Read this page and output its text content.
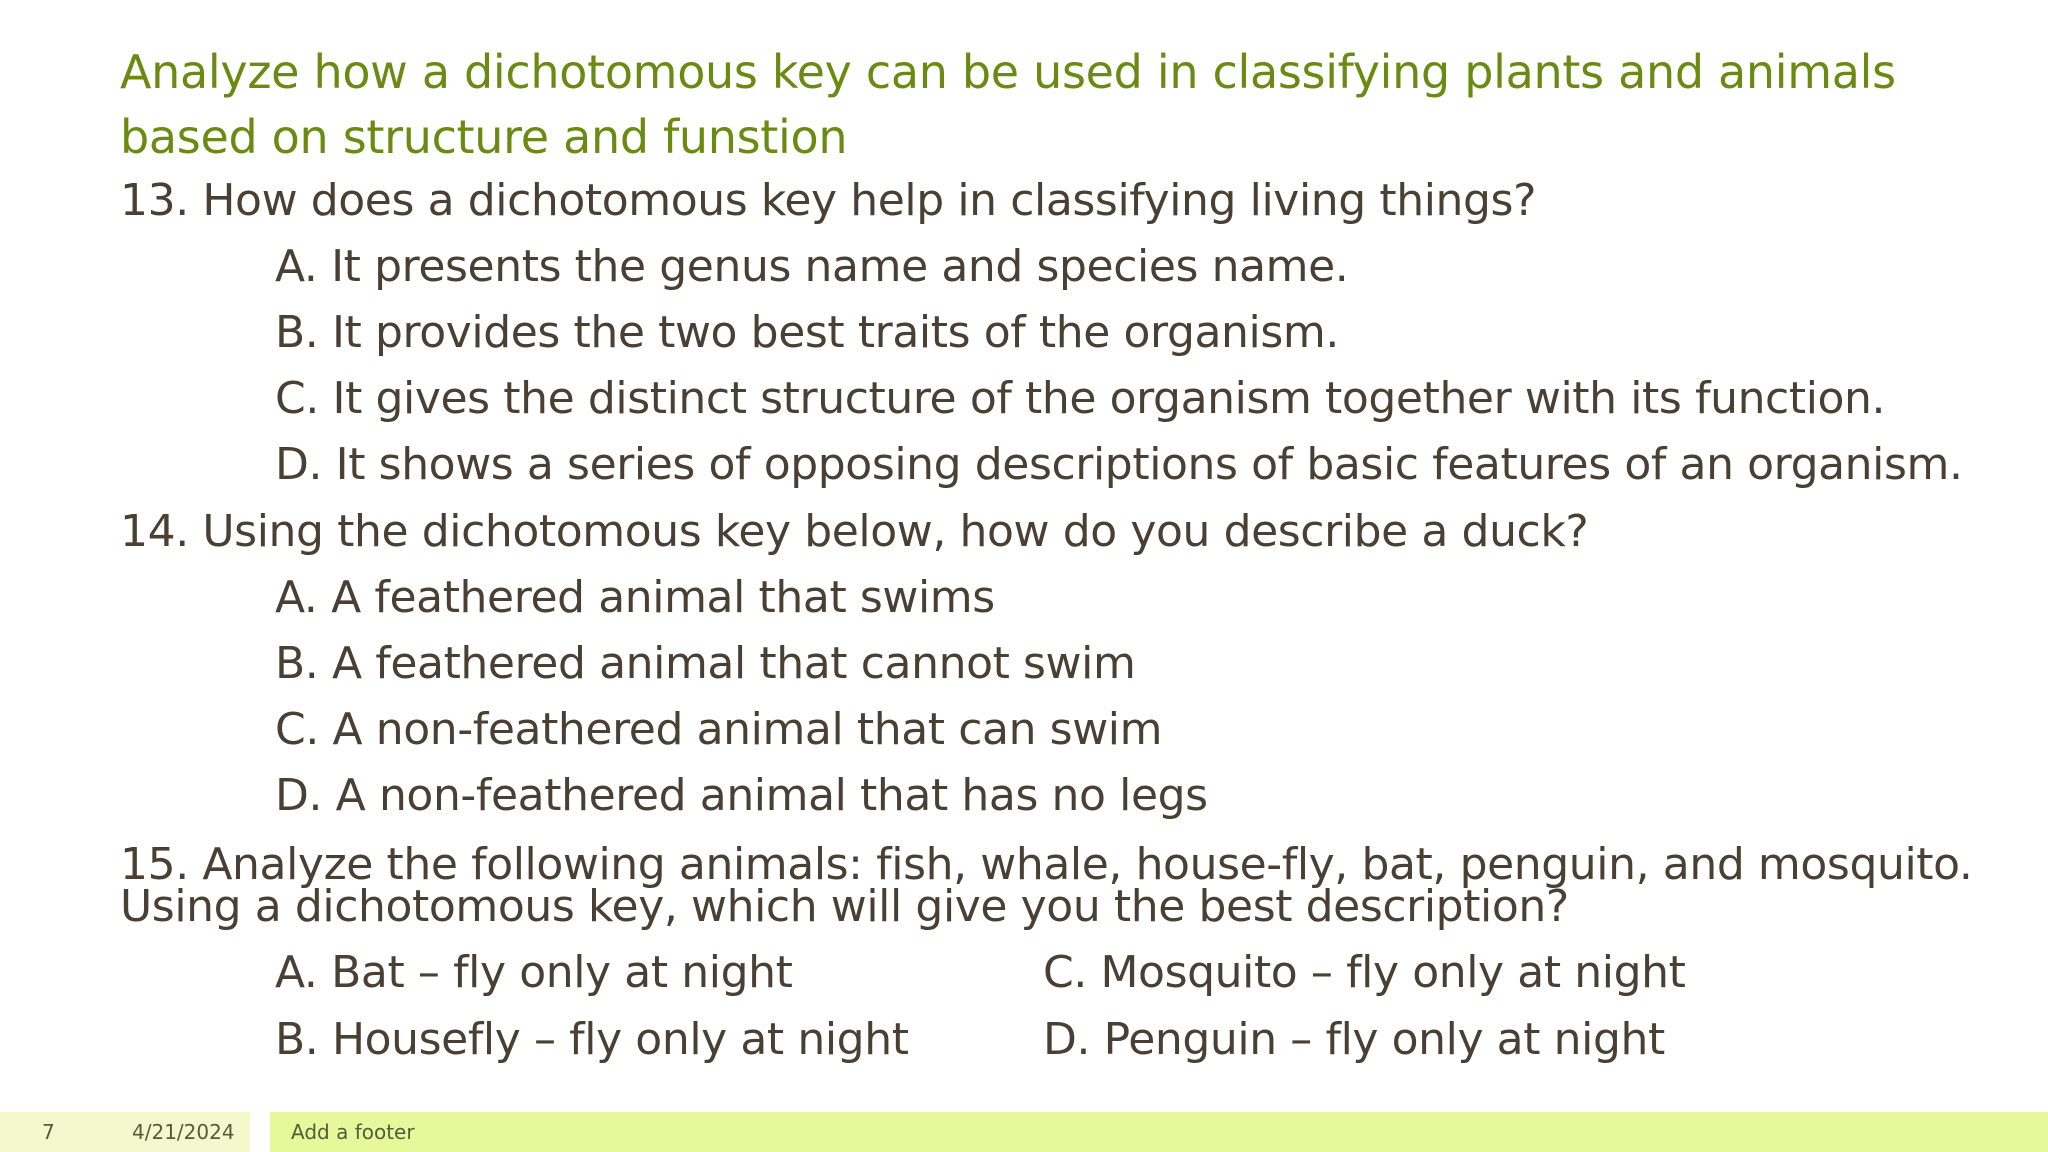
Analyze how a dichotomous key can be used in classifying plants and animals based on structure and funstion
13. How does a dichotomous key help in classifying living things?
A. It presents the genus name and species name.
B. It provides the two best traits of the organism.
C. It gives the distinct structure of the organism together with its function.
D. It shows a series of opposing descriptions of basic features of an organism.
14. Using the dichotomous key below, how do you describe a duck?
A. A feathered animal that swims
B. A feathered animal that cannot swim
C. A non-feathered animal that can swim
D. A non-feathered animal that has no legs
15. Analyze the following animals: fish, whale, house-fly, bat, penguin, and mosquito.
Using a dichotomous key, which will give you the best description?
A. Bat – fly only at night
B. Housefly – fly only at night
C. Mosquito – fly only at night
D. Penguin – fly only at night
7	4/21/2024	Add a footer
